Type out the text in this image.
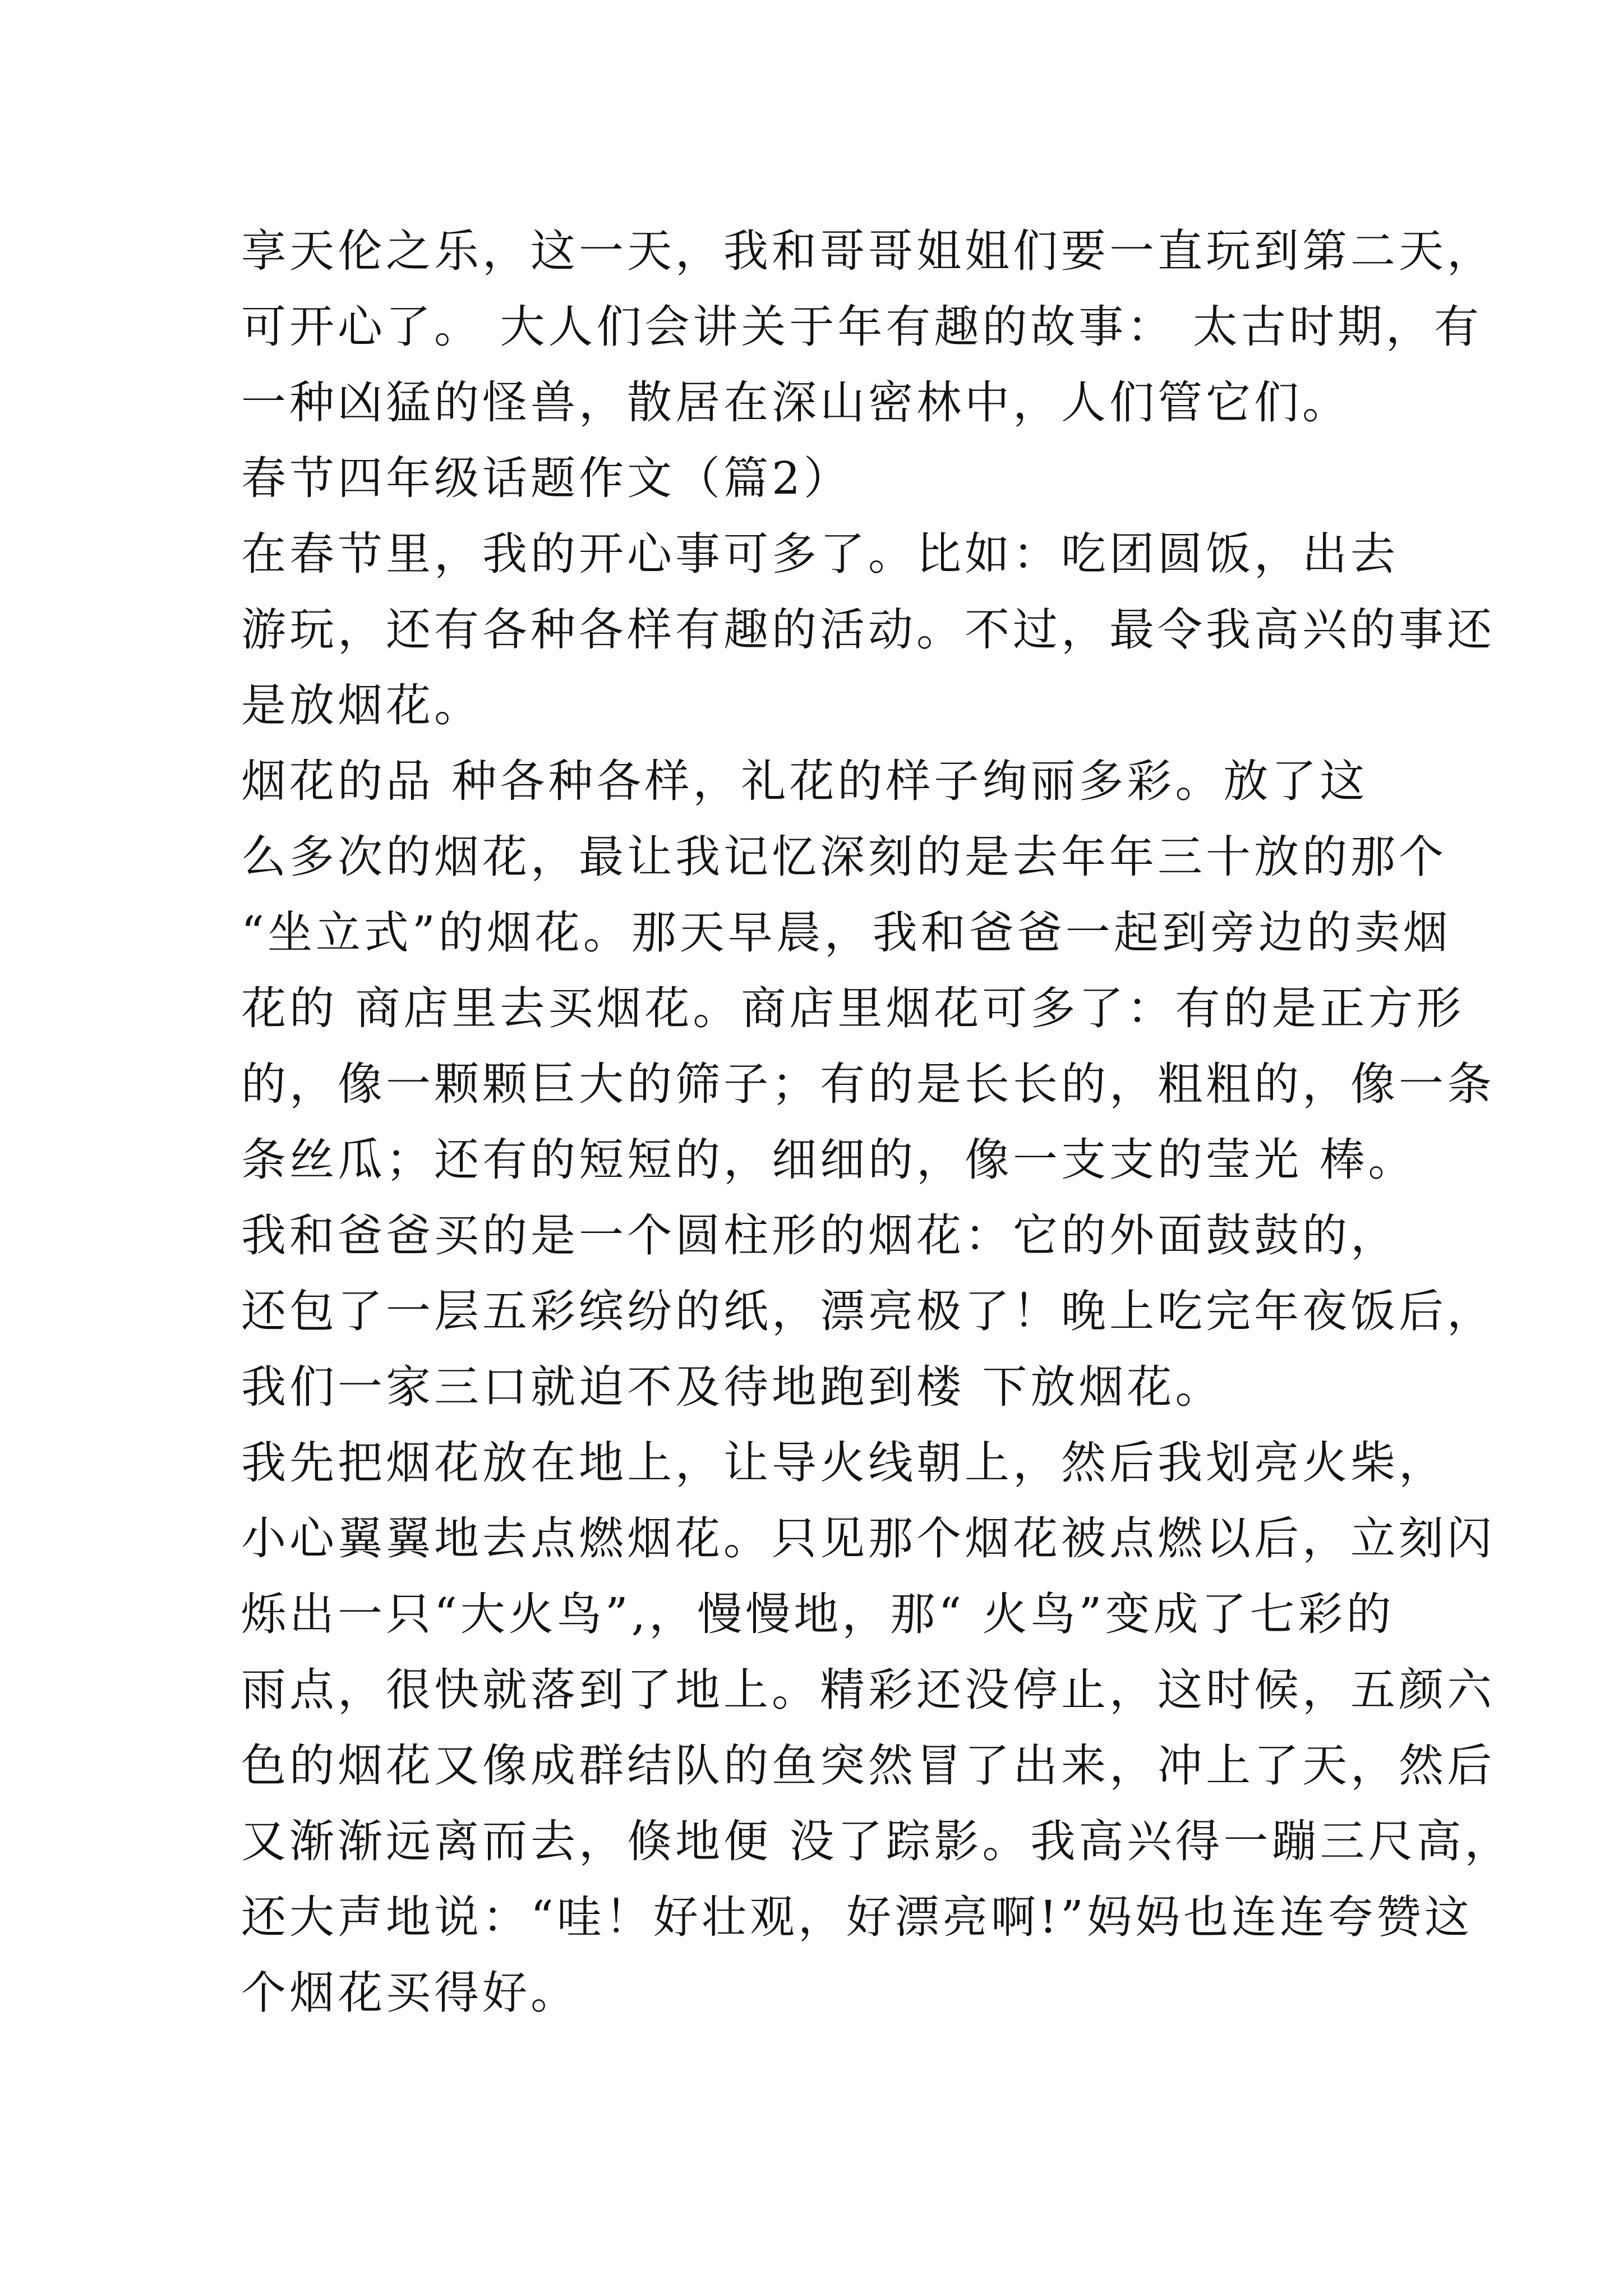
享天伦之乐，这一天，我和哥哥姐姐们要一直玩到第二天，
可开心了。 大人们会讲关于年有趣的故事： 太古时期，有
一种凶猛的怪兽，散居在深山密林中，人们管它们。
春节四年级话题作文（篇2）
在春节里，我的开心事可多了。比如：吃团圆饭，出去
游玩，还有各种各样有趣的活动。不过，最令我高兴的事还
是放烟花。
烟花的品 种各种各样，礼花的样子绚丽多彩。放了这
么多次的烟花，最让我记忆深刻的是去年年三十放的那个
“坐立式”的烟花。那天早晨，我和爸爸一起到旁边的卖烟
花的 商店里去买烟花。商店里烟花可多了：有的是正方形
的，像一颗颗巨大的筛子；有的是长长的，粗粗的，像一条
条丝瓜；还有的短短的，细细的，像一支支的莹光 棒。
我和爸爸买的是一个圆柱形的烟花：它的外面鼓鼓的，
还包了一层五彩缤纷的纸，漂亮极了！晚上吃完年夜饭后，
我们一家三口就迫不及待地跑到楼 下放烟花。
我先把烟花放在地上，让导火线朝上，然后我划亮火柴，
小心翼翼地去点燃烟花。只见那个烟花被点燃以后，立刻闪
烁出一只“大火鸟”,，慢慢地，那“ 火鸟”变成了七彩的
雨点，很快就落到了地上。精彩还没停止，这时候，五颜六
色的烟花又像成群结队的鱼突然冒了出来，冲上了天，然后
又渐渐远离而去，倏地便 没了踪影。我高兴得一蹦三尺高，
还大声地说：“哇！好壮观，好漂亮啊!”妈妈也连连夸赞这
个烟花买得好。
